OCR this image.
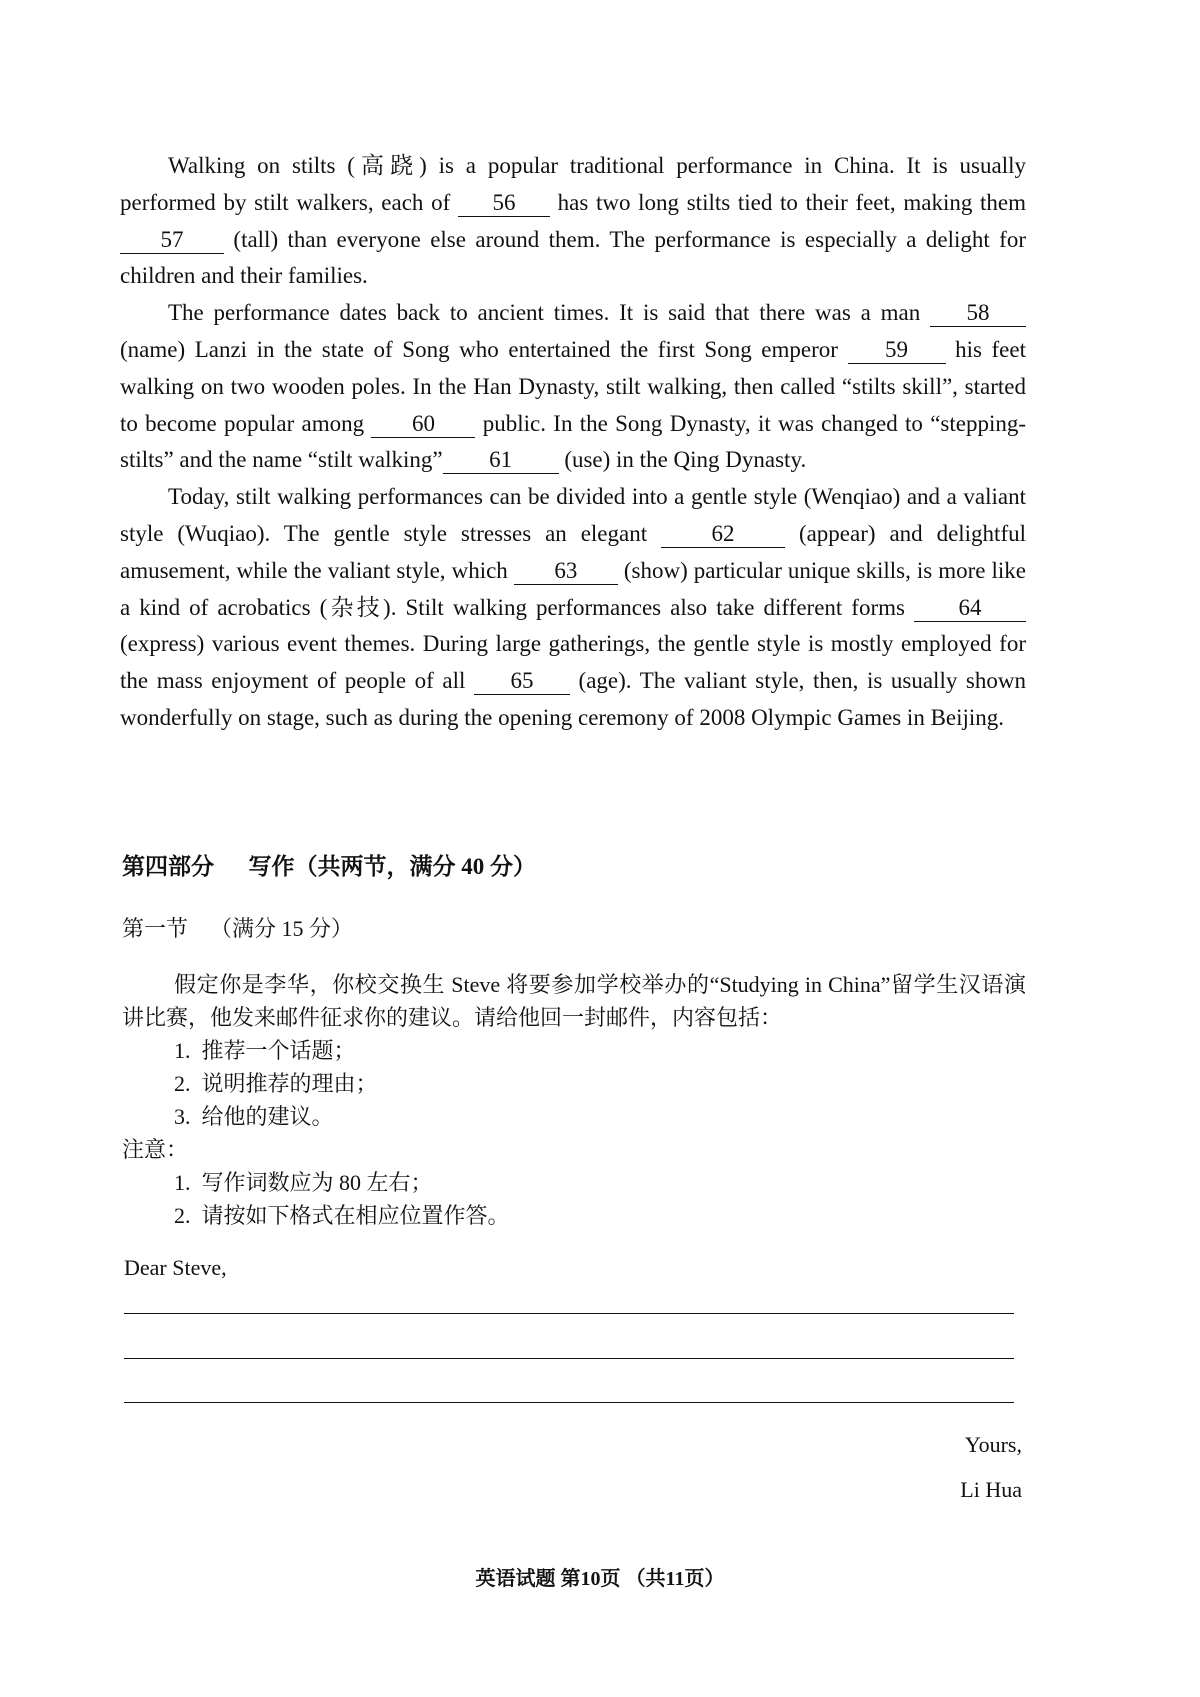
Walking on stilts (高跷) is a popular traditional performance in China. It is usually performed by stilt walkers, each of 56 has two long stilts tied to their feet, making them 57 (tall) than everyone else around them. The performance is especially a delight for children and their families.

The performance dates back to ancient times. It is said that there was a man 58 (name) Lanzi in the state of Song who entertained the first Song emperor 59 his feet walking on two wooden poles. In the Han Dynasty, stilt walking, then called “stilts skill”, started to become popular among 60 public. In the Song Dynasty, it was changed to “stepping-stilts” and the name “stilt walking” 61 (use) in the Qing Dynasty.

Today, stilt walking performances can be divided into a gentle style (Wenqiao) and a valiant style (Wuqiao). The gentle style stresses an elegant 62 (appear) and delightful amusement, while the valiant style, which 63 (show) particular unique skills, is more like a kind of acrobatics (杂技). Stilt walking performances also take different forms 64 (express) various event themes. During large gatherings, the gentle style is mostly employed for the mass enjoyment of people of all 65 (age). The valiant style, then, is usually shown wonderfully on stage, such as during the opening ceremony of 2008 Olympic Games in Beijing.

第四部分      写作（共两节，满分 40 分）
第一节    （满分 15 分）

假定你是李华，你校交换生 Steve 将要参加学校举办的“Studying in China”留学生汉语演讲比赛，他发来邮件征求你的建议。请给他回一封邮件，内容包括：

1.  推荐一个话题；
2.  说明推荐的理由；
3.  给他的建议。
注意：
1.  写作词数应为 80 左右；
2.  请按如下格式在相应位置作答。
Dear Steve,
Yours,
Li Hua
英语试题 第10页 （共11页）
